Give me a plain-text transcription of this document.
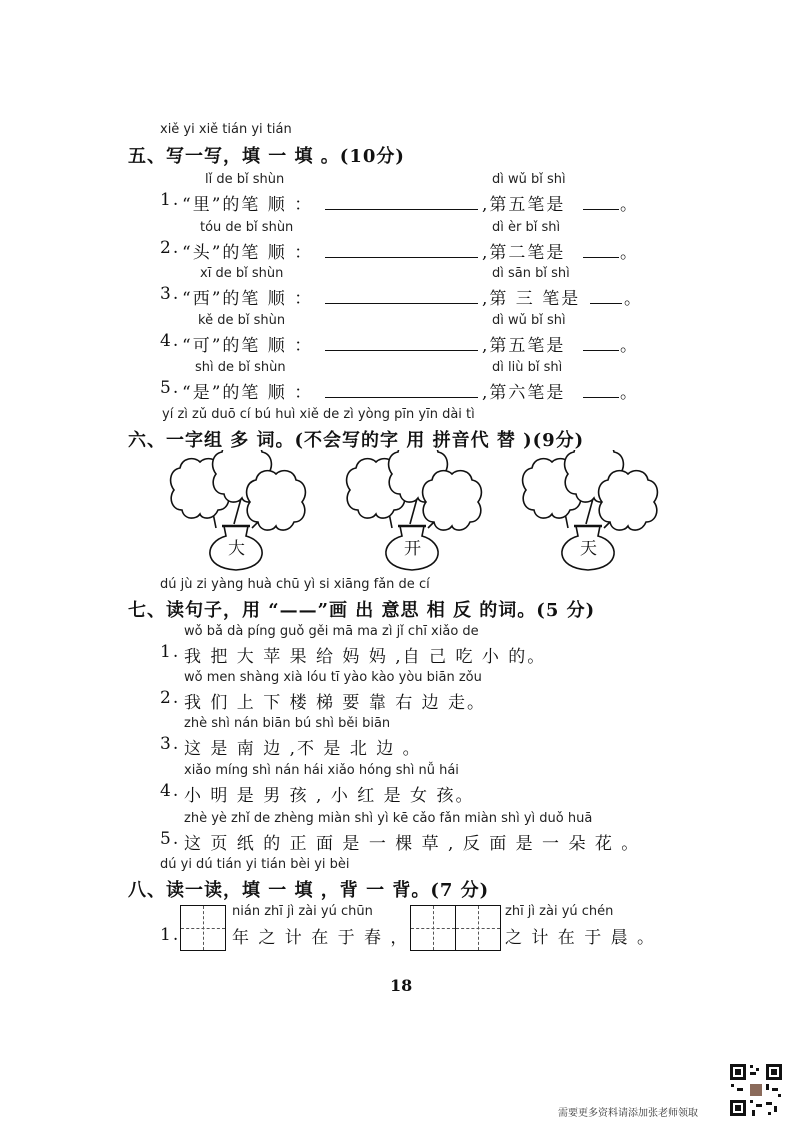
xiě yi xiě tián yi tián
五、写一写，填 一 填 。(10分)
lǐ de bǐ shùn	dì wǔ bǐ shì
1. “里”的笔 顺 ：	,第五笔是	。
tóu de bǐ shùn	dì èr bǐ shì
2. “头”的笔 顺 ：	,第二笔是	。
xī de bǐ shùn	dì sān bǐ shì
3. “西”的笔 顺 ：	,第 三 笔是	。
kě de bǐ shùn	dì wǔ bǐ shì
4. “可”的笔 顺 ：	,第五笔是	。
shì de bǐ shùn	dì liù bǐ shì
5. “是”的笔 顺 ：	,第六笔是	。
yí zì zǔ duō cí bú huì xiě de zì yòng pīn yīn dài tì
六、一字组 多 词。(不会写的字 用 拼音代 替 )(9分)
大	开	天
dú jù zi yàng huà chū yì si xiāng fǎn de cí
七、读句子，用 “——”画 出 意思 相 反 的词。(5 分)
wǒ bǎ dà píng guǒ gěi mā ma zì jǐ chī xiǎo de
1. 我 把 大 苹 果 给 妈 妈 ,自 己 吃 小 的。
wǒ men shàng xià lóu tī yào kào yòu biān zǒu
2. 我 们 上 下 楼 梯 要 靠 右 边 走。
zhè shì nán biān bú shì běi biān
3. 这 是 南 边 ,不 是 北 边 。
xiǎo míng shì nán hái xiǎo hóng shì nǚ hái
4. 小 明 是 男 孩 , 小 红 是 女 孩。
zhè yè zhǐ de zhèng miàn shì yì kē cǎo fǎn miàn shì yì duǒ huā
5. 这 页 纸 的 正 面 是 一 棵 草 , 反 面 是 一 朵 花 。
dú yi dú tián yi tián bèi yi bèi
八、读一读，填 一 填 ，背 一 背。(7 分)
1.
nián zhī jì zài yú chūn
年 之 计 在 于 春 ，
zhī jì zài yú chén
之 计 在 于 晨 。
18
需要更多资料请添加张老师领取
